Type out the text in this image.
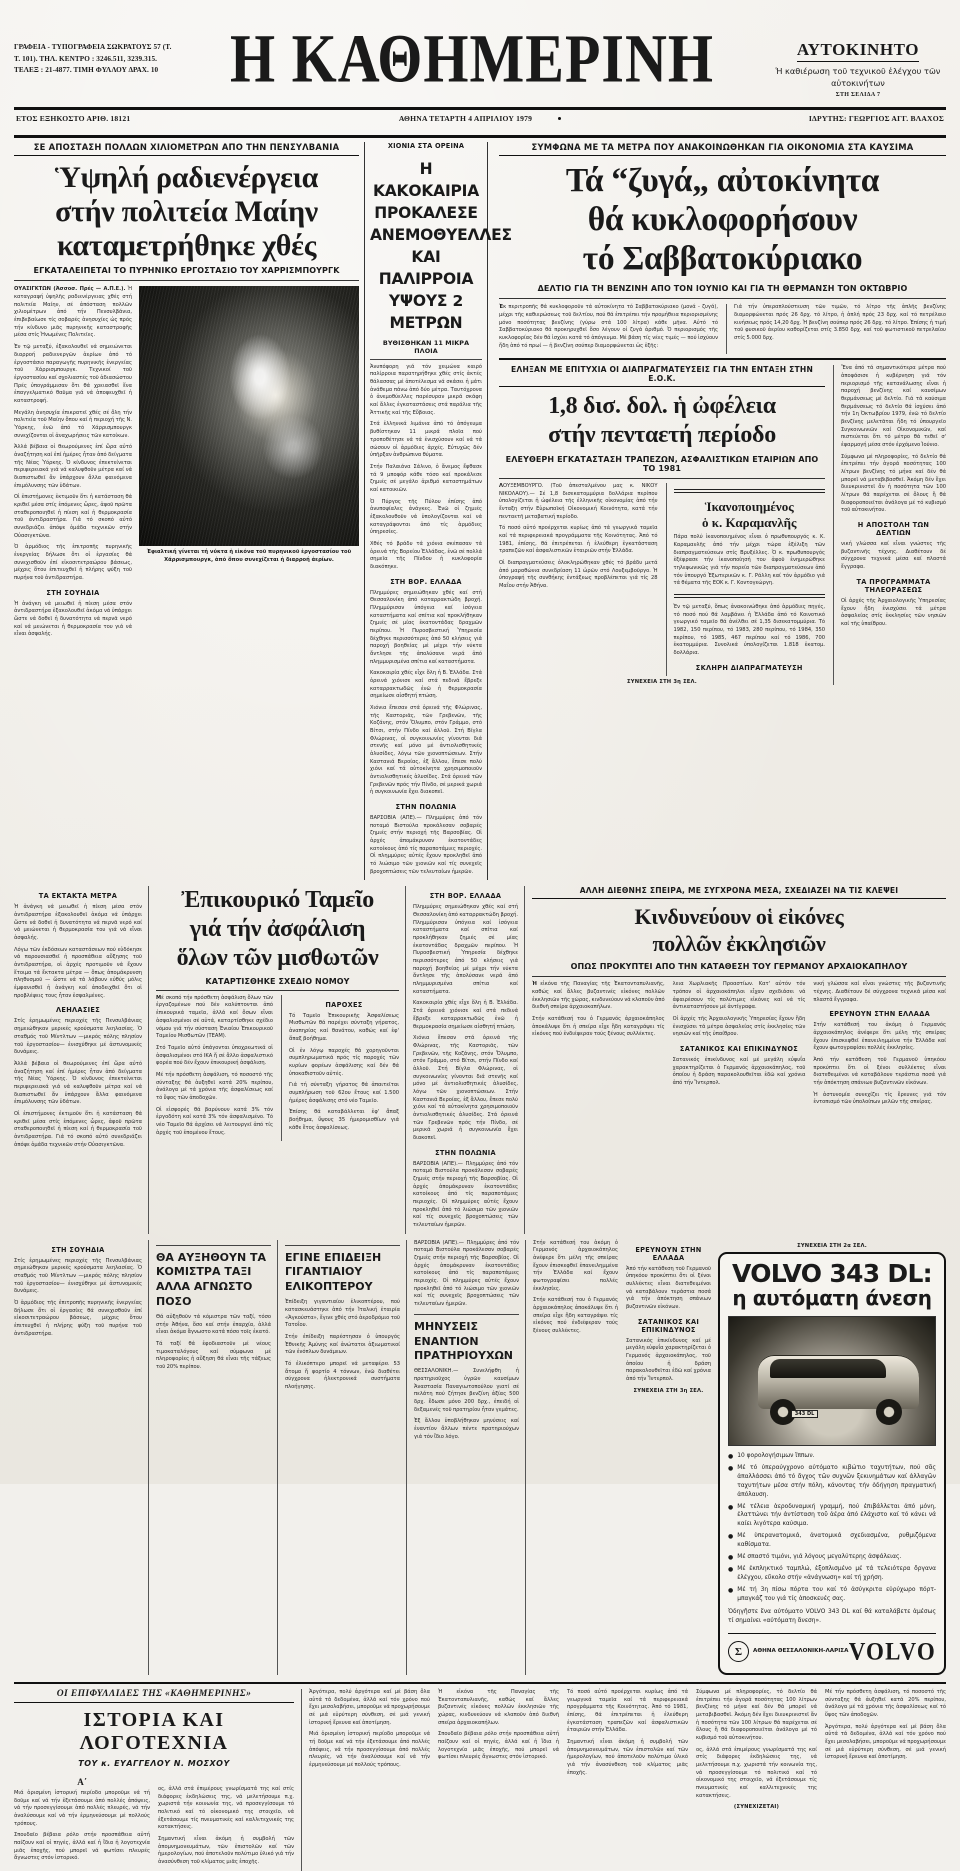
ΓΡΑΦΕΙΑ - ΤΥΠΟΓΡΑΦΕΙΑ ΣΩΚΡΑΤΟΥΣ 57 (Τ. Τ. 101). ΤΗΛ. ΚΕΝΤΡΟ : 3246.511, 3239.315. ΤΕΛΕΞ : 21-4877. ΤΙΜΗ ΦΥΛΛΟΥ ΔΡΑΧ. 10	Η ΚΑΘΗΜΕΡΙΝΗ	ΑΥΤΟΚΙΝΗΤΟ
Ἡ καθιέρωση τοῦ τεχνικοῦ ἐλέγχου τῶν αὐτοκινήτων
ΣΤΗ ΣΕΛΙΔΑ 7
ΕΤΟΣ ΕΞΗΚΟΣΤΟ ΑΡΙΘ. 18121	ΑΘΗΝΑ ΤΕΤΑΡΤΗ 4 ΑΠΡΙΛΙΟΥ 1979	ΙΔΡΥΤΗΣ: ΓΕΩΡΓΙΟΣ ΑΓΓ. ΒΛΑΧΟΣ
ΣΕ ΑΠΟΣΤΑΣΗ ΠΟΛΛΩΝ ΧΙΛΙΟΜΕΤΡΩΝ ΑΠΟ ΤΗΝ ΠΕΝΣΥΛΒΑΝΙΑ
Ὑψηλή ραδιενέργεια
στήν πολιτεία Μαίην
καταμετρήθηκε χθές
ΕΓΚΑΤΑΛΕΙΠΕΤΑΙ ΤΟ ΠΥΡΗΝΙΚΟ ΕΡΓΟΣΤΑΣΙΟ ΤΟΥ ΧΑΡΡΙΣΜΠΟΥΡΓΚ

ΟΥΑΣΙΓΚΤΩΝ (Ἀσσοσ. Πρές — Α.Π.Ε.). Ἡ καταγραφή ὑψηλῆς ραδιενέργειας χθές στή πολιτεία Μαίην, σέ ἀπόσταση πολλῶν χιλιομέτρων ἀπό τήν Πενσυλβάνια, ἐπιβεβαίωσε τίς σοβαρές ἀνησυχίες ὡς πρός τήν κίνδυνο μιᾶς πυρηνικῆς καταστροφῆς μέσα στίς Ἡνωμένες Πολιτεῖες.

Ἐν τῷ μεταξύ, ἐξακολουθεῖ νά σημειώνεται διαρροή ραδιενεργῶν ἀερίων ἀπό τό ἐργοστάσιο παραγωγῆς πυρηνικῆς ἐνεργείας τοῦ Χάρρισμπουργκ. Τεχνικοί τοῦ ἐργοστασίου καί σχολιαστές τοῦ ἀδιασώστου Πρές ὑπογράμμισαν ὅτι θά χρειασθεῖ ἕνα ἐπαγγελματικό θαῦμα γιά νά ἀποφευχθεῖ ἡ καταστροφή.

Μεγάλη ἀνησυχία ἐπικρατεῖ χθές σέ ὅλη τήν πολιτεία τοῦ Μαίην ὅπου καί ἡ περιοχή τῆς Ν. Ὑόρκης, ἐνῶ ἀπό τό Χάρρισμπουργκ συνεχίζονται οἱ ἀναχωρήσεις τῶν κατοίκων.

Ἀλλά βέβαια οἱ θεωρούμενες ἐπί ὥρα αὐτό ἀναζήτηση καί ἐπί ἡμέρες ἦταν ἀπό δείγματα τῆς Νέας Ὑόρκης. Ὁ κίνδυνος ἐπεκτείνεται περιφερειακά γιά νά καλυφθοῦν μέτρα καί νά διαπιστωθεῖ ἄν ὑπάρχουν ἄλλα φαινόμενα ἐπιμόλυνσης τῶν ὑδάτων.

Οἱ ἐπιστήμονες ἐκτιμοῦν ὅτι ἡ κατάσταση θά κριθεῖ μέσα στίς ἑπόμενες ὧρες, ἀφοῦ πρῶτα σταθεροποιηθεῖ ἡ πίεση καί ἡ θερμοκρασία τοῦ ἀντιδραστήρα. Γιά τό σκοπό αὐτό συνεδριάζει ἀπόψε ὁμάδα τεχνικῶν στήν Οὐασιγκτῶνα.

Ὁ ἁρμόδιος τῆς ἐπιτροπῆς πυρηνικῆς ἐνεργείας δήλωσε ὅτι οἱ ἐργασίες θά συνεχισθοῦν ἐπί εἰκοσιτετραώρου βάσεως, μέχρις ὅτου ἐπιτευχθεῖ ἡ πλήρης ψύξη τοῦ πυρήνα τοῦ ἀντιδραστήρα.

ΣΤΗ ΣΟΥΗΔΙΑ

Ἡ ἀνάγκη νά μειωθεῖ ἡ πίεση μέσα στόν ἀντιδραστήρα ἐξακολουθεῖ ἀκόμα νά ὑπάρχει ὥστε νά δοθεῖ ἡ δυνατότητα νά περνᾶ νερό καί νά μειώνεται ἡ θερμοκρασία του γιά νά εἶναι ἀσφαλής.

Ἐφιαλτική γίνεται τή νύκτα ἡ εἰκόνα τοῦ πυρηνικοῦ ἐργοστασίου τοῦ Χάρρισμπουργκ, ἀπό ὅπου συνεχίζεται ἡ διαρροή ἀερίων.
ΧΙΟΝΙΑ ΣΤΑ ΟΡΕΙΝΑ
Η ΚΑΚΟΚΑΙΡΙΑ
ΠΡΟΚΑΛΕΣΕ
ΑΝΕΜΟΘΥΕΛΛΕΣ
ΚΑΙ ΠΑΛΙΡΡΟΙΑ
ΥΨΟΥΣ 2 ΜΕΤΡΩΝ
ΒΥΘΙΣΘΗΚΑΝ 11 ΜΙΚΡΑ ΠΛΟΙΑ

Ἀνυπόφορη γιά τόν χειμώνα καιρό παλίρροια παρατηρήθηκε χθές στίς ἀκτές θάλασσας μέ ἀποτέλεσμα νά σκάσει ἡ μάτι ἀνάθεμα πάνω ἀπό δύο μέτρα. Ταυτόχρονα ὁ ἀνεμοθύελλες παρέσυραν μικρά σκάφη καί ἄλλες ἐγκαταστάσεις στά παράλια τῆς Ἀττικῆς καί τῆς Εὔβοιας.

Στά ἑλληνικά λιμάνια ἀπό τό ἀπόγευμα βυθίστηκαν 11 μικρά πλοῖα πού τροποθέτησε νά τά ἐνισχύσουν καί νά τά σώσουν οἱ ἁρμόδιες ἀρχές. Εὐτυχῶς δέν ὑπῆρξαν ἀνθρώπινα θύματα.

Στήν Παλαιάνα Σάλινο, ὁ ἄνεμος ἔφθασε τά 9 μποφόρ κάθε τόσο καί προκάλεσε ζημιές σέ μεγάλο ἀριθμό καταστημάτων καί κατοικιῶν.

Ὁ Πύργος τῆς Πύλου ἐπίσης ἀπό ἀνυποψίαλες ἀνάγκες. Ἐνῶ οἱ ζημιές ἐξακολουθοῦν νά ὑπολογίζονται καί νά καταγράφονται ἀπό τίς ἁρμόδιες ὑπηρεσίες.

Χθές τό βράδυ τά χιόνια σκέπασαν τά ὀρεινά τῆς Βορείου Ἑλλάδας, ἐνῶ σέ πολλά σημεῖα τῆς Πίνδου ἡ κυκλοφορία διακόπηκε.

ΣΤΗ ΒΟΡ. ΕΛΛΑΔΑ

Πλημμύρες σημειώθηκαν χθές καί στή Θεσσαλονίκη ἀπό καταρρακτώδη βροχή. Πλημμύρισαν ὑπόγεια καί ἰσόγεια καταστήματα καί σπίτια καί προκλήθηκαν ζημιές σέ μίας ἐκατοντάδας δραχμῶν περίπου. Ἡ Πυροσβεστική Ὑπηρεσία δέχθηκε περισσότερες ἀπό 50 κλήσεις γιά παροχή βοηθείας μέ μέχρι τήν νύκτα ἄντλησε τῆς ἀπολύσανε νερά ἀπό πλημμυρισμένα σπίτια καί καταστήματα.

Κακοκαιρία χθές εἶχε ὅλη ἡ Β. Ἑλλάδα. Στά ὀρεινά χιόνισε καί στά πεδινά ἔβρεξε καταρρακτωδῶς ἐνῶ ἡ θερμοκρασία σημείωσε αἰσθητή πτώση.

Χιόνια ἔπεσαν στά ὀρεινά τῆς Φλώρινας, τῆς Καστοριᾶς, τῶν Γρεβενῶν, τῆς Κοζάνης, στόν Ὄλυμπο, στόν Γράμμο, στό Βίτσι, στήν Πίνδο καί ἀλλοῦ. Στή Βίγλα Φλώρινας, οἱ συγκοινωνίες γίνονται διά στενῆς καί μόνο μέ ἀντιολισθητικές ἁλυσίδες, λόγω τῶν χιονοπτώσεων. Στήν Καστανιά Βεροίας, ἐξ ἄλλου, ἔπεσε πολύ χιόνι καί τά αὐτοκίνητα χρησιμοποιοῦν ἀντιολισθητικές ἁλυσίδες. Στά ὀρεινά τῶν Γρεβενῶν πρός τήν Πίνδο, σέ μερικά χωριά ἡ συγκοινωνία ἔχει διακοπεῖ.

ΣΤΗΝ ΠΟΛΩΝΙΑ

ΒΑΡΣΟΒΙΑ (ΑΠΕ).— Πλημμύρες ἀπό τόν ποταμό Βιστούλα προκάλεσαν σοβαρές ζημιές στήν περιοχή τῆς Βαρσοβίας. Οἱ ἀρχές ἀπομάκρυναν ἑκατοντάδες κατοίκους ἀπό τίς παραποτάμιες περιοχές. Οἱ πλημμύρες αὐτές ἔχουν προκληθεῖ ἀπό τό λιώσιμο τῶν χιονιῶν καί τίς συνεχεῖς βροχοπτώσεις τῶν τελευταίων ἡμερῶν.

ΣΥΜΦΩΝΑ ΜΕ ΤΑ ΜΕΤΡΑ ΠΟΥ ΑΝΑΚΟΙΝΩΘΗΚΑΝ ΓΙΑ ΟΙΚΟΝΟΜΙΑ ΣΤΑ ΚΑΥΣΙΜΑ
Τά “ζυγά„ αὐτοκίνητα
θά κυκλοφορήσουν
τό Σαββατοκύριακο
ΔΕΛΤΙΟ ΓΙΑ ΤΗ ΒΕΝΖΙΝΗ ΑΠΟ ΤΟΝ ΙΟΥΝΙΟ ΚΑΙ ΓΙΑ ΤΗ ΘΕΡΜΑΝΣΗ ΤΟΝ ΟΚΤΩΒΡΙΟ

Ἐκ περιτροπῆς θά κυκλοφοροῦν τά αὐτοκίνητα τό Σαββατοκύριακο (μονά - ζυγά), μέχρι τῆς καθιερώσεως τοῦ δελτίου, πού θά ἐπιτρέπει τήν προμήθεια περιορισμένης μόνο ποσότητας βενζίνης (γύρω στά 100 λίτρα) κάθε μῆνα. Αὐτό τό Σαββατοκύριακο θά προκηρυχθεῖ ὅσο λέγουν οἱ ζυγά ἀριθμό. Ὁ περιορισμός τῆς κυκλοφορίας δέν θά ἰσχύει κατά τό ἀπόγευμα. Μέ βάση τίς νέες τιμές — πού ἰσχύουν ἤδη ἀπό τό πρωί — ἡ βενζίνη σούπερ διαμορφώνεται ὡς ἑξῆς:

Γιά τήν ὑπεραπλούστευση τῶν τιμῶν, τό λίτρο τῆς ἁπλῆς βενζίνης διαμορφώνεται πρός 26 δρχ. τό λίτρο, ἡ ἁπλή πρός 23 δρχ. καί τό πετρέλαιο κινήσεως πρός 14,20 δρχ. Ἡ βενζίνη σούπερ πρός 26 δρχ. τό λίτρο. Ἐπίσης ἡ τιμή τοῦ φυσικοῦ ἀερίου καθορίζεται στίς 3.850 δρχ. καί τοῦ φωτιστικοῦ πετρελαίου στίς 5.000 δρχ.

ΕΛΗΞΑΝ ΜΕ ΕΠΙΤΥΧΙΑ ΟΙ ΔΙΑΠΡΑΓΜΑΤΕΥΣΕΙΣ ΓΙΑ ΤΗΝ ΕΝΤΑΞΗ ΣΤΗΝ Ε.Ο.Κ.
1,8 δισ. δολ. ἡ ὠφέλεια
στήν πενταετή περίοδο
ΕΛΕΥΘΕΡΗ ΕΓΚΑΤΑΣΤΑΣΗ ΤΡΑΠΕΖΩΝ, ΑΣΦΑΛΙΣΤΙΚΩΝ ΕΤΑΙΡΙΩΝ ΑΠΟ ΤΟ 1981

ΛΟΥΞΕΜΒΟΥΡΓΟ. (Τοῦ ἀπεσταλμένου μας κ. ΝΙΚΟΥ ΝΙΚΟΛΑΟΥ).— Σέ 1,8 δισεκατομμύρια δολλάρια περίπου ὑπολογίζεται ἡ ὠφέλεια τῆς ἑλληνικῆς οἰκονομίας ἀπό τήν ἔνταξη στήν Εὐρωπαϊκή Οἰκονομική Κοινότητα, κατά τήν πενταετῆ μεταβατική περίοδο.

Τό ποσό αὐτό προέρχεται κυρίως ἀπό τά γεωργικά ταμεῖα καί τά περιφερειακά προγράμματα τῆς Κοινότητας. Ἀπό τό 1981, ἐπίσης, θά ἐπιτρέπεται ἡ ἐλεύθερη ἐγκατάσταση τραπεζῶν καί ἀσφαλιστικῶν ἑταιριῶν στήν Ἑλλάδα.

Οἱ διαπραγματεύσεις ὁλοκληρώθηκαν χθές τό βράδυ μετά ἀπό μαραθώνια συνεδρίαση 11 ὡρῶν στό Λουξεμβοῦργο. Ἡ ὑπογραφή τῆς συνθήκης ἐντάξεως προβλέπεται γιά τίς 28 Μαΐου στήν Ἀθήνα.

Ἱκανοποιημένος
ὁ κ. Καραμανλῆς

Πάρα πολύ ἱκανοποιημένος εἶναι ὁ πρωθυπουργός κ. Κ. Καραμανλῆς ἀπό τήν μέχρι τώρα ἐξέλιξη τῶν διαπραγματεύσεων στίς Βρυξέλλες. Ὁ κ. πρωθυπουργός ἐξέφρασε τήν ἱκανοποίησή του ἀφοῦ ἐνημερώθηκε τηλεφωνικῶς γιά τήν πορεία τῶν διαπραγματεύσεων ἀπό τόν ὑπουργό Ἐξωτερικῶν κ. Γ. Ράλλη καί τόν ἁρμόδιο γιά τά θέματα τῆς ΕΟΚ κ. Γ. Κοντογεώργη.

Ἐν τῷ μεταξύ, ὅπως ἀνακοινώθηκε ἀπό ἁρμόδιες πηγές, τό ποσό πού θά λαμβάνει ἡ Ἑλλάδα ἀπό τό Κοινοτικό γεωργικό ταμεῖο θά ἀνέλθει σέ 1,35 δισεκατομμύρια. Τό 1982, 150 περίπου, τό 1983, 280 περίπου, τό 1984, 350 περίπου, τό 1985, 467 περίπου καί τό 1986, 700 ἑκατομμύρια. Συνολικά ὑπολογίζεται 1.818 ἑκατομ. δολλάρια.

ΣΚΛΗΡΗ ΔΙΑΠΡΑΓΜΑΤΕΥΣΗ
ΣΥΝΕΧΕΙΑ ΣΤΗ 3η ΣΕΛ.

Ἕνα ἀπό τά σημαντικότερα μέτρα πού ἀποφάσισε ἡ κυβέρνηση γιά τόν περιορισμό τῆς κατανάλωσης εἶναι ἡ παροχή βενζίνης καί καυσίμων θερμάνσεως μέ δελτίο. Γιά τά καύσιμα θερμάνσεως τό δελτίο θά ἰσχύσει ἀπό τήν 1η Ὀκτωβρίου 1979, ἐνῶ τό δελτίο βενζίνης μελετᾶται ἤδη τό ὑπουργεῖο Συγκοινωνιῶν καί Οἰκονομικῶν, καί πιστεύεται ὅτι τό μέτρο θά τεθεῖ σ' ἐφαρμογή μέσα στόν ἐρχόμενο Ἰούνιο.

Σύμφωνα μέ πληροφορίες, τό δελτίο θά ἐπιτρέπει τήν ἀγορά ποσότητας 100 λίτρων βενζίνης τό μήνα καί δέν θά μπορεῖ νά μεταβιβασθεῖ. Ἀκόμη δέν ἔχει διευκρινιστεῖ ἄν ἡ ποσότητα τῶν 100 λίτρων θά παρέχεται σέ ὅλους ἤ θά διαφοροποιεῖται ἀνάλογα μέ τό κυβισμό τοῦ αὐτοκινήτου.

Η ΑΠΟΣΤΟΛΗ ΤΩΝ ΔΕΛΤΙΩΝ

νική γλώσσα καί εἶναι γνώστες τῆς βυζαντινῆς τέχνης. Διαθέτουν δέ σύγχρονα τεχνικά μέσα καί πλαστά ἔγγραφα.

ΤΑ ΠΡΟΓΡΑΜΜΑΤΑ ΤΗΛΕΟΡΑΣΕΩΣ

Οἱ ἀρχές τῆς Ἀρχαιολογικῆς Ὑπηρεσίας ἔχουν ἤδη ἐνισχύσει τά μέτρα ἀσφαλείας στίς ἐκκλησίες τῶν νησιῶν καί τῆς ὑπαίθρου.

ΤΑ ΕΚΤΑΚΤΑ ΜΕΤΡΑ

Ἡ ἀνάγκη νά μειωθεῖ ἡ πίεση μέσα στόν ἀντιδραστήρα ἐξακολουθεῖ ἀκόμα νά ὑπάρχει ὥστε νά δοθεῖ ἡ δυνατότητα νά περνᾶ νερό καί νά μειώνεται ἡ θερμοκρασία του γιά νά εἶναι ἀσφαλής.

Λόγω τῶν ἐκδόσεων καταστάσεων πού εὐδόκησε νά παρουσιασθεῖ ἡ προσπάθεια αὔξησης τοῦ ἀντιδραστήρα, οἱ ἀρχές προτιμοῦν νά ἔχουν ἕτοιμα τά ἔκτακτα μέτρα — ὅπως ἀπομάκρυνση πληθυσμοῦ — ὥστε νά τά λάβουν εὐθύς μόλις ἐμφανισθεῖ ἡ ἀνάγκη καί ἀποδειχθεῖ ὅτι οἱ προβλέψεις τους ἦταν ἐσφαλμένες.

ΛΕΗΛΑΣΙΕΣ

Στίς ἐρημωμένες περιοχές τῆς Πενσυλβάνιας σημειώθηκαν μερικές κρούσματα λεηλασίας. Ὁ σταθμός τοῦ Μίντλτων —μικρός πόλης πλησίον τοῦ ἐργοστασίου— ἐνισχύθηκε μέ ἀστυνομικές δυνάμεις.

Ἀλλά βέβαια οἱ θεωρούμενες ἐπί ὥρα αὐτό ἀναζήτηση καί ἐπί ἡμέρες ἦταν ἀπό δείγματα τῆς Νέας Ὑόρκης. Ὁ κίνδυνος ἐπεκτείνεται περιφερειακά γιά νά καλυφθοῦν μέτρα καί νά διαπιστωθεῖ ἄν ὑπάρχουν ἄλλα φαινόμενα ἐπιμόλυνσης τῶν ὑδάτων.

Οἱ ἐπιστήμονες ἐκτιμοῦν ὅτι ἡ κατάσταση θά κριθεῖ μέσα στίς ἑπόμενες ὧρες, ἀφοῦ πρῶτα σταθεροποιηθεῖ ἡ πίεση καί ἡ θερμοκρασία τοῦ ἀντιδραστήρα. Γιά τό σκοπό αὐτό συνεδριάζει ἀπόψε ὁμάδα τεχνικῶν στήν Οὐασιγκτῶνα.

Ἐπικουρικό Ταμεῖο
γιά τήν ἀσφάλιση
ὅλων τῶν μισθωτῶν
ΚΑΤΑΡΤΙΣΘΗΚΕ ΣΧΕΔΙΟ ΝΟΜΟΥ

Μέ σκοπό τήν πρόσθετη ἀσφάλιση ὅλων τῶν ἐργαζομένων πού δέν καλύπτονται ἀπό ἐπικουρικά ταμεῖα, ἀλλά καί ὅσων εἶναι ἀσφαλισμένοι σέ αὐτά, καταρτίσθηκε σχέδιο νόμου γιά τήν σύσταση Ἐνιαίου Ἐπικουρικοῦ Ταμείου Μισθωτῶν (ΤΕΑΜ).

Στό Ταμεῖο αὐτό ὑπάγονται ὑποχρεωτικά οἱ ἀσφαλισμένοι στό ΙΚΑ ἤ σέ ἄλλο ἀσφαλιστικό φορέα πού δέν ἔχουν ἐπικουρική ἀσφάλιση.

Μέ τήν πρόσθετη ἀσφάλιση, τό ποσοστό τῆς σύνταξης θά ἀυξηθεῖ κατά 20% περίπου, ἀνάλογα μέ τά χρόνια τῆς ἀσφαλίσεως καί τό ὕψος τῶν ἀποδοχῶν.

Οἱ εἰσφορές θά βαρύνουν κατά 3% τόν ἐργοδότη καί κατά 3% τόν ἀσφαλισμένο. Τό νέο Ταμεῖο θά ἀρχίσει νά λειτουργεῖ ἀπό τίς ἀρχές τοῦ ἑπομένου ἔτους.

ΠΑΡΟΧΕΣ

Τό Ταμεῖο Ἐπικουρικῆς Ἀσφαλίσεως Μισθωτῶν θά παρέχει σύνταξη γήρατος, ἀναπηρίας καί θανάτου, καθώς καί ἐφ' ἅπαξ βοήθημα.

Οἱ ἐν λόγῳ παροχές θά χορηγοῦνται συμπληρωματικά πρός τίς παροχές τῶν κυρίων φορέων ἀσφάλισης καί δέν θά ὑποκαθιστοῦν αὐτές.

Γιά τή σύνταξη γήρατος θά ἀπαιτεῖται συμπλήρωση τοῦ 62ου ἔτους καί 1.500 ἡμέρες ἀσφάλισης στό νέο Ταμεῖο.

Ἐπίσης θά καταβάλλεται ἐφ' ἅπαξ βοήθημα, ὕψους 35 ἡμερομισθίων γιά κάθε ἔτος ἀσφαλίσεως.

ΣΤΗ ΒΟΡ. ΕΛΛΑΔΑ

Πλημμύρες σημειώθηκαν χθές καί στή Θεσσαλονίκη ἀπό καταρρακτώδη βροχή. Πλημμύρισαν ὑπόγεια καί ἰσόγεια καταστήματα καί σπίτια καί προκλήθηκαν ζημιές σέ μίας ἐκατοντάδας δραχμῶν περίπου. Ἡ Πυροσβεστική Ὑπηρεσία δέχθηκε περισσότερες ἀπό 50 κλήσεις γιά παροχή βοηθείας μέ μέχρι τήν νύκτα ἄντλησε τῆς ἀπολύσανε νερά ἀπό πλημμυρισμένα σπίτια καί καταστήματα.

Κακοκαιρία χθές εἶχε ὅλη ἡ Β. Ἑλλάδα. Στά ὀρεινά χιόνισε καί στά πεδινά ἔβρεξε καταρρακτωδῶς ἐνῶ ἡ θερμοκρασία σημείωσε αἰσθητή πτώση.

Χιόνια ἔπεσαν στά ὀρεινά τῆς Φλώρινας, τῆς Καστοριᾶς, τῶν Γρεβενῶν, τῆς Κοζάνης, στόν Ὄλυμπο, στόν Γράμμο, στό Βίτσι, στήν Πίνδο καί ἀλλοῦ. Στή Βίγλα Φλώρινας, οἱ συγκοινωνίες γίνονται διά στενῆς καί μόνο μέ ἀντιολισθητικές ἁλυσίδες, λόγω τῶν χιονοπτώσεων. Στήν Καστανιά Βεροίας, ἐξ ἄλλου, ἔπεσε πολύ χιόνι καί τά αὐτοκίνητα χρησιμοποιοῦν ἀντιολισθητικές ἁλυσίδες. Στά ὀρεινά τῶν Γρεβενῶν πρός τήν Πίνδο, σέ μερικά χωριά ἡ συγκοινωνία ἔχει διακοπεῖ.

ΣΤΗΝ ΠΟΛΩΝΙΑ

ΒΑΡΣΟΒΙΑ (ΑΠΕ).— Πλημμύρες ἀπό τόν ποταμό Βιστούλα προκάλεσαν σοβαρές ζημιές στήν περιοχή τῆς Βαρσοβίας. Οἱ ἀρχές ἀπομάκρυναν ἑκατοντάδες κατοίκους ἀπό τίς παραποτάμιες περιοχές. Οἱ πλημμύρες αὐτές ἔχουν προκληθεῖ ἀπό τό λιώσιμο τῶν χιονιῶν καί τίς συνεχεῖς βροχοπτώσεις τῶν τελευταίων ἡμερῶν.

ΑΛΛΗ ΔΙΕΘΝΗΣ ΣΠΕΙΡΑ, ΜΕ ΣΥΓΧΡΟΝΑ ΜΕΣΑ, ΣΧΕΔΙΑΖΕΙ ΝΑ ΤΙΣ ΚΛΕΨΕΙ
Κινδυνεύουν οἱ εἰκόνες
πολλῶν ἐκκλησιῶν
ΟΠΩΣ ΠΡΟΚΥΠΤΕΙ ΑΠΟ ΤΗΝ ΚΑΤΑΘΕΣΗ ΤΟΥ ΓΕΡΜΑΝΟΥ ΑΡΧΑΙΟΚΑΠΗΛΟΥ

Ἡ εἰκόνα τῆς Παναγίας τῆς Ἐκατονταπυλιανῆς, καθώς καί ἄλλες βυζαντινές εἰκόνες πολλῶν ἐκκλησιῶν τῆς χώρας, κινδυνεύουν νά κλαποῦν ἀπό διεθνῆ σπείρα ἀρχαιοκαπήλων.

Στήν κατάθεσή του ὁ Γερμανός ἀρχαιοκάπηλος ἀποκάλυψε ὅτι ἡ σπείρα εἶχε ἤδη καταγράψει τίς εἰκόνες πού ἐνδιέφεραν τούς ξένους συλλέκτες.

λεια Χωρλιακῆς Προαστίων. Κατ' αὐτόν τόν τρόπον οἱ ἀρχαιοκάπηλοι εἶχαν σχεδιάσει νά ἀφαιρέσουν τίς πολύτιμες εἰκόνες καί νά τίς ἀντικαταστήσουν μέ ἀντίγραφα.

Οἱ ἀρχές τῆς Ἀρχαιολογικῆς Ὑπηρεσίας ἔχουν ἤδη ἐνισχύσει τά μέτρα ἀσφαλείας στίς ἐκκλησίες τῶν νησιῶν καί τῆς ὑπαίθρου.

ΣΑΤΑΝΙΚΟΣ ΚΑΙ ΕΠΙΚΙΝΔΥΝΟΣ

Σατανικός ἐπικίνδυνος καί μέ μεγάλη εὐφυΐα χαρακτηρίζεται ὁ Γερμανός ἀρχαιοκάπηλος, τοῦ ὁποίου ἡ δράση παρακολουθεῖται ἐδῶ καί χρόνια ἀπό τήν Ἴντερπολ.

νική γλώσσα καί εἶναι γνώστες τῆς βυζαντινῆς τέχνης. Διαθέτουν δέ σύγχρονα τεχνικά μέσα καί πλαστά ἔγγραφα.

ΕΡΕΥΝΟΥΝ ΣΤΗΝ ΕΛΛΑΔΑ

Στήν κατάθεσή του ἀκόμη ὁ Γερμανός ἀρχαιοκάπηλος ἀνέφερε ὅτι μέλη τῆς σπείρας ἔχουν ἐπισκεφθεῖ ἐπανειλημμένα τήν Ἑλλάδα καί ἔχουν φωτογραφίσει πολλές ἐκκλησίες.

Ἀπό τήν κατάθεση τοῦ Γερμανοῦ ὑπηκόου προκύπτει ὅτι οἱ ξένοι συλλέκτες εἶναι διατεθειμένοι νά καταβάλουν τεράστια ποσά γιά τήν ἀπόκτηση σπάνιων βυζαντινῶν εἰκόνων.

Ἡ ἀστυνομία συνεχίζει τίς ἔρευνες γιά τόν ἐντοπισμό τῶν ὑπολοίπων μελῶν τῆς σπείρας.

ΣΤΗ ΣΟΥΗΔΙΑ

Στίς ἐρημωμένες περιοχές τῆς Πενσυλβάνιας σημειώθηκαν μερικές κρούσματα λεηλασίας. Ὁ σταθμός τοῦ Μίντλτων —μικρός πόλης πλησίον τοῦ ἐργοστασίου— ἐνισχύθηκε μέ ἀστυνομικές δυνάμεις.

Ὁ ἁρμόδιος τῆς ἐπιτροπῆς πυρηνικῆς ἐνεργείας δήλωσε ὅτι οἱ ἐργασίες θά συνεχισθοῦν ἐπί εἰκοσιτετραώρου βάσεως, μέχρις ὅτου ἐπιτευχθεῖ ἡ πλήρης ψύξη τοῦ πυρήνα τοῦ ἀντιδραστήρα.

ΘΑ ΑΥΞΗΘΟΥΝ ΤΑ ΚΟΜΙΣΤΡΑ ΤΑΞΙ ΑΛΛΑ ΑΓΝΩΣΤΟ ΠΟΣΟ

Θά αὐξηθοῦν τά κόμιστρα τῶν ταξί, τόσο στήν Ἀθήνα, ὅσο καί στήν ἐπαρχία, ἀλλά εἶναι ἀκόμα ἄγνωστο κατά πόσο τοῖς ἑκατό.

Τά ταξί θά ἐφοδιαστοῦν μέ νέους τιμοκαταλόγους καί σύμφωνα μέ πληροφορίες ἡ αὔξηση θά εἶναι τῆς τάξεως τοῦ 20% περίπου.

ΕΓΙΝΕ ΕΠΙΔΕΙΞΗ ΓΙΓΑΝΤΙΑΙΟΥ ΕΛΙΚΟΠΤΕΡΟΥ

Ἐπίδειξη γιγαντιαίου ἑλικοπτέρου, πού κατασκευάστηκε ἀπό τήν Ἰταλική ἑταιρία «Ἀγκούστα», ἔγινε χθές στό ἀεροδρόμιο τοῦ Τατοΐου.

Στήν ἐπίδειξη παρέστησαν ὁ ὑπουργός Ἐθνικῆς Ἀμύνης καί ἀνώτατοι ἀξιωματικοί τῶν ἐνόπλων δυνάμεων.

Τό ἑλικόπτερο μπορεῖ νά μεταφέρει 53 ἄτομα ἤ φορτίο 4 τόννων, ἐνῶ διαθέτει σύγχρονα ἠλεκτρονικά συστήματα πλοήγησης.

ΒΑΡΣΟΒΙΑ (ΑΠΕ).— Πλημμύρες ἀπό τόν ποταμό Βιστούλα προκάλεσαν σοβαρές ζημιές στήν περιοχή τῆς Βαρσοβίας. Οἱ ἀρχές ἀπομάκρυναν ἑκατοντάδες κατοίκους ἀπό τίς παραποτάμιες περιοχές. Οἱ πλημμύρες αὐτές ἔχουν προκληθεῖ ἀπό τό λιώσιμο τῶν χιονιῶν καί τίς συνεχεῖς βροχοπτώσεις τῶν τελευταίων ἡμερῶν.

ΜΗΝΥΣΕΙΣ ΕΝΑΝΤΙΟΝ ΠΡΑΤΗΡΙΟΥΧΩΝ

ΘΕΣΣΑΛΟΝΙΚΗ.— Συνελήφθη ἡ πρατηριοῦχος ὑγρῶν καυσίμων Ἀναστασία Παναγιωτοπούλου γιατί σέ πελάτη πού ζήτησε βενζίνη ἀξίας 500 δρχ. ἔδωσε μόνο 200 δρχ., ἐπειδή οἱ δεξαμενές τοῦ πρατηρίου ἦταν γεμάτες.

Ἐξ ἄλλου ὑποβλήθηκαν μηνύσεις καί ἐναντίον ἄλλων πέντε πρατηριούχων γιά τόν ἴδιο λόγο.

Στήν κατάθεσή του ἀκόμη ὁ Γερμανός ἀρχαιοκάπηλος ἀνέφερε ὅτι μέλη τῆς σπείρας ἔχουν ἐπισκεφθεῖ ἐπανειλημμένα τήν Ἑλλάδα καί ἔχουν φωτογραφίσει πολλές ἐκκλησίες.

Στήν κατάθεσή του ὁ Γερμανός ἀρχαιοκάπηλος ἀποκάλυψε ὅτι ἡ σπείρα εἶχε ἤδη καταγράψει τίς εἰκόνες πού ἐνδιέφεραν τούς ξένους συλλέκτες.

ΕΡΕΥΝΟΥΝ ΣΤΗΝ ΕΛΛΑΔΑ

Ἀπό τήν κατάθεση τοῦ Γερμανοῦ ὑπηκόου προκύπτει ὅτι οἱ ξένοι συλλέκτες εἶναι διατεθειμένοι νά καταβάλουν τεράστια ποσά γιά τήν ἀπόκτηση σπάνιων βυζαντινῶν εἰκόνων.

ΣΑΤΑΝΙΚΟΣ ΚΑΙ ΕΠΙΚΙΝΔΥΝΟΣ

Σατανικός ἐπικίνδυνος καί μέ μεγάλη εὐφυΐα χαρακτηρίζεται ὁ Γερμανός ἀρχαιοκάπηλος, τοῦ ὁποίου ἡ δράση παρακολουθεῖται ἐδῶ καί χρόνια ἀπό τήν Ἴντερπολ.

ΣΥΝΕΧΕΙΑ ΣΤΗ 3η ΣΕΛ.
ΣΥΝΕΧΕΙΑ ΣΤΗ 2α ΣΕΛ.
VOLVO 343 DL:
η αυτόματη άνεση
343 DL
● 10 φορολογήσιμων ἵππων.
● Μέ τό ὑπεραύγχρονο αὐτόματο κιβώτιο ταχυτήτων, πού σᾶς ἀπαλλάσσει ἀπό τό ἄγχος τῶν συχνῶν ξεκινημάτων καί ἀλλαγῶν ταχυτήτων μέσα στήν πόλη, κάνοντας τήν ὁδήγηση πραγματική ἀπόλαυση.
● Μέ τέλεια ἀεροδυναμική γραμμή, πού ἐπιβάλλεται ἀπό μόνη, ἐλαττώνει τήν ἀντίσταση τοῦ ἀέρα ἀπό ἐλάχιστο καί τό κάνει νά καίει λιγότερα καύσιμα.
● Μέ ὑπερανατομικά, ἀνατομικά σχεδιασμένα, ρυθμιζόμενα καθίσματα.
● Μέ σπαστό τιμόνι, γιά λόγους μεγαλύτερης ἀσφάλειας.
● Μέ ἐκπληκτικό ταμπλώ, ἐξοπλισμένο μέ τά τελειότερα ὄργανα ἐλέγχου, εὔκολο στήν «ἀνάγνωση» καί τή χρήση.
● Μέ τή 3η πίσω πόρτα του καί τό ἀσύγκριτα εὐρύχωρο πόρτ-μπαγκάζ του γιά τίς ἀποσκευές σας.
Ὁδηγῆστε ἕνα αὐτόματο VOLVO 343 DL καί θά καταλάβετε ἀμέσως τί σημαίνει «αὐτόματη ἄνεση».
Σ	ΑΘΗΝΑ ΘΕΣΣΑΛΟΝΙΚΗ-ΛΑΡΙΣΑ VOLVO
ΟΙ ΕΠΙΦΥΛΛΙΔΕΣ ΤΗΣ «ΚΑΘΗΜΕΡΙΝΗΣ»
ΙΣΤΟΡΙΑ ΚΑΙ ΛΟΓΟΤΕΧΝΙΑ
ΤΟΥ κ. ΕΥΑΓΓΕΛΟΥ Ν. ΜΟΣΧΟΥ
Α΄

Μιά ὁρισμένη ἱστορική περίοδο μποροῦμε νά τή δοῦμε καί νά τήν ἐξετάσουμε ἀπό πολλές ἀπόψεις, νά τήν προσεγγίσουμε ἀπό πολλές πλευρές, νά τήν ἀναλύσουμε καί νά τήν ἑρμηνεύσουμε μέ πολλούς τρόπους.

Σπουδαῖο βέβαια ρόλο στήν προσπάθεια αὐτή παίζουν καί οἱ πηγές, ἀλλά καί ἡ ἴδια ἡ λογοτεχνία μιᾶς ἐποχῆς, πού μπορεῖ νά φωτίσει πλευρές ἄγνωστες στόν ἱστορικό.

ος, ἀλλά στά ἐπιμέρους γνωρίσματά της καί στίς διάφορες ἐκδηλώσεις της, νά μελετήσουμε π.χ. χωριστά τήν κοινωνία της, νά προσεγγίσουμε τό πολιτικό καί τό οἰκονομικό της στοιχεῖο, νά ἐξετάσουμε τίς πνευματικές καί καλλιτεχνικές της κατακτήσεις.

Σημαντική εἶναι ἀκόμη ἡ συμβολή τῶν ἀπομνημονευμάτων, τῶν ἐπιστολῶν καί τῶν ἡμερολογίων, πού ἀποτελοῦν πολύτιμο ὑλικό γιά τήν ἀνασύνθεση τοῦ κλίματος μιᾶς ἐποχῆς.

Ἀργότερα, πολύ ἀργότερα καί μέ βάση ὅλα αὐτά τά δεδομένα, ἀλλά καί τόν χρόνο πού ἔχει μεσολαβήσει, μποροῦμε νά προχωρήσουμε σέ μιά εὐρύτερη σύνθεση, σέ μιά γενική ἱστορική ἔρευνα καί ἀποτίμηση.

Μιά ὁρισμένη ἱστορική περίοδο μποροῦμε νά τή δοῦμε καί νά τήν ἐξετάσουμε ἀπό πολλές ἀπόψεις, νά τήν προσεγγίσουμε ἀπό πολλές πλευρές, νά τήν ἀναλύσουμε καί νά τήν ἑρμηνεύσουμε μέ πολλούς τρόπους.

Ἡ εἰκόνα τῆς Παναγίας τῆς Ἐκατονταπυλιανῆς, καθώς καί ἄλλες βυζαντινές εἰκόνες πολλῶν ἐκκλησιῶν τῆς χώρας, κινδυνεύουν νά κλαποῦν ἀπό διεθνῆ σπείρα ἀρχαιοκαπήλων.

Σπουδαῖο βέβαια ρόλο στήν προσπάθεια αὐτή παίζουν καί οἱ πηγές, ἀλλά καί ἡ ἴδια ἡ λογοτεχνία μιᾶς ἐποχῆς, πού μπορεῖ νά φωτίσει πλευρές ἄγνωστες στόν ἱστορικό.

Τό ποσό αὐτό προέρχεται κυρίως ἀπό τά γεωργικά ταμεῖα καί τά περιφερειακά προγράμματα τῆς Κοινότητας. Ἀπό τό 1981, ἐπίσης, θά ἐπιτρέπεται ἡ ἐλεύθερη ἐγκατάσταση τραπεζῶν καί ἀσφαλιστικῶν ἑταιριῶν στήν Ἑλλάδα.

Σημαντική εἶναι ἀκόμη ἡ συμβολή τῶν ἀπομνημονευμάτων, τῶν ἐπιστολῶν καί τῶν ἡμερολογίων, πού ἀποτελοῦν πολύτιμο ὑλικό γιά τήν ἀνασύνθεση τοῦ κλίματος μιᾶς ἐποχῆς.

Σύμφωνα μέ πληροφορίες, τό δελτίο θά ἐπιτρέπει τήν ἀγορά ποσότητας 100 λίτρων βενζίνης τό μήνα καί δέν θά μπορεῖ νά μεταβιβασθεῖ. Ἀκόμη δέν ἔχει διευκρινιστεῖ ἄν ἡ ποσότητα τῶν 100 λίτρων θά παρέχεται σέ ὅλους ἤ θά διαφοροποιεῖται ἀνάλογα μέ τό κυβισμό τοῦ αὐτοκινήτου.

ος, ἀλλά στά ἐπιμέρους γνωρίσματά της καί στίς διάφορες ἐκδηλώσεις της, νά μελετήσουμε π.χ. χωριστά τήν κοινωνία της, νά προσεγγίσουμε τό πολιτικό καί τό οἰκονομικό της στοιχεῖο, νά ἐξετάσουμε τίς πνευματικές καί καλλιτεχνικές της κατακτήσεις.

(ΣΥΝΕΧΙΖΕΤΑΙ)

Μέ τήν πρόσθετη ἀσφάλιση, τό ποσοστό τῆς σύνταξης θά ἀυξηθεῖ κατά 20% περίπου, ἀνάλογα μέ τά χρόνια τῆς ἀσφαλίσεως καί τό ὕψος τῶν ἀποδοχῶν.

Ἀργότερα, πολύ ἀργότερα καί μέ βάση ὅλα αὐτά τά δεδομένα, ἀλλά καί τόν χρόνο πού ἔχει μεσολαβήσει, μποροῦμε νά προχωρήσουμε σέ μιά εὐρύτερη σύνθεση, σέ μιά γενική ἱστορική ἔρευνα καί ἀποτίμηση.
